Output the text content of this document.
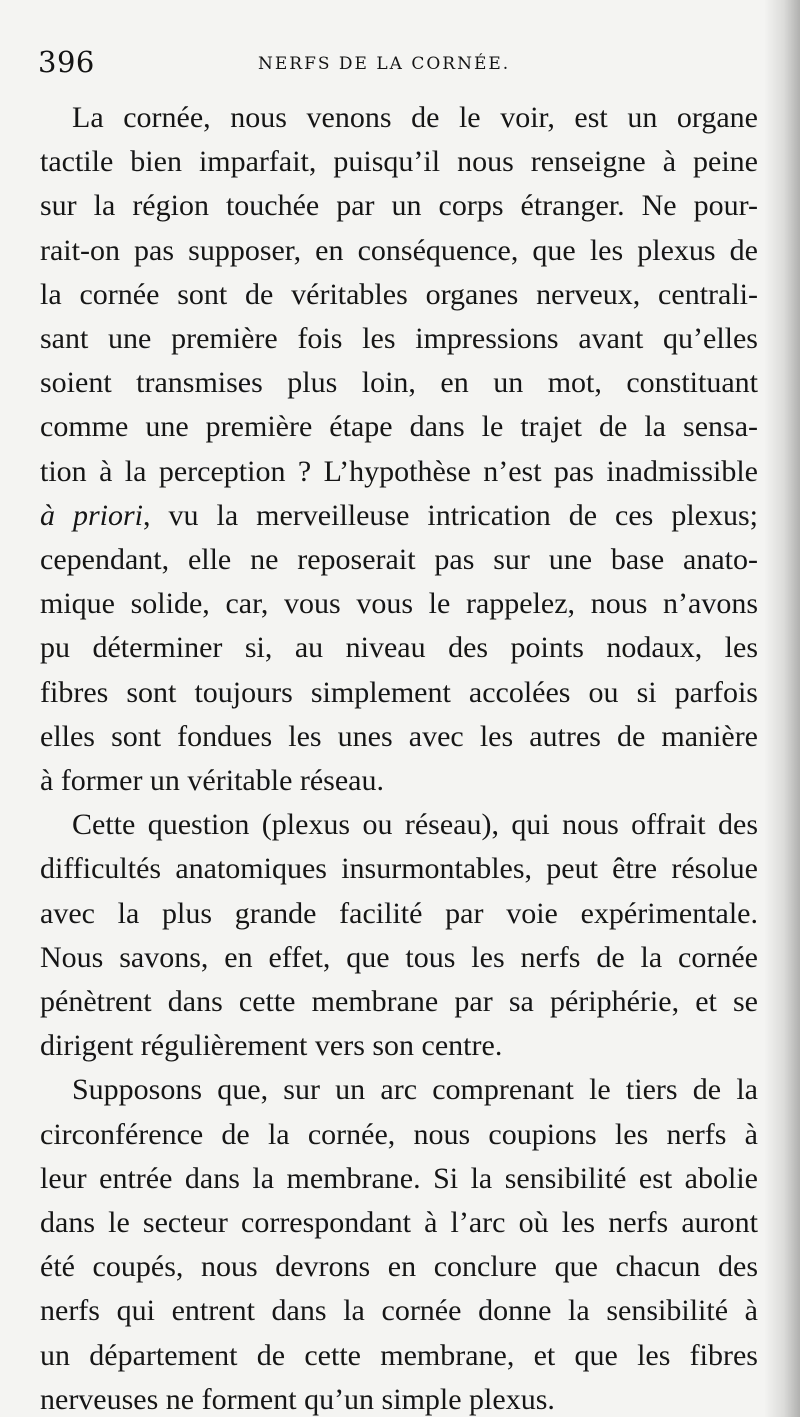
396	NERFS DE LA CORNÉE.

La cornée, nous venons de le voir, est un organe
tactile bien imparfait, puisqu’il nous renseigne à peine
sur la région touchée par un corps étranger. Ne pour-
rait-on pas supposer, en conséquence, que les plexus de
la cornée sont de véritables organes nerveux, centrali-
sant une première fois les impressions avant qu’elles
soient transmises plus loin, en un mot, constituant
comme une première étape dans le trajet de la sensa-
tion à la perception ? L’hypothèse n’est pas inadmissible
à priori, vu la merveilleuse intrication de ces plexus;
cependant, elle ne reposerait pas sur une base anato-
mique solide, car, vous vous le rappelez, nous n’avons
pu déterminer si, au niveau des points nodaux, les
fibres sont toujours simplement accolées ou si parfois
elles sont fondues les unes avec les autres de manière
à former un véritable réseau.

Cette question (plexus ou réseau), qui nous offrait des
difficultés anatomiques insurmontables, peut être résolue
avec la plus grande facilité par voie expérimentale.
Nous savons, en effet, que tous les nerfs de la cornée
pénètrent dans cette membrane par sa périphérie, et se
dirigent régulièrement vers son centre.

Supposons que, sur un arc comprenant le tiers de la
circonférence de la cornée, nous coupions les nerfs à
leur entrée dans la membrane. Si la sensibilité est abolie
dans le secteur correspondant à l’arc où les nerfs auront
été coupés, nous devrons en conclure que chacun des
nerfs qui entrent dans la cornée donne la sensibilité à
un département de cette membrane, et que les fibres
nerveuses ne forment qu’un simple plexus.
